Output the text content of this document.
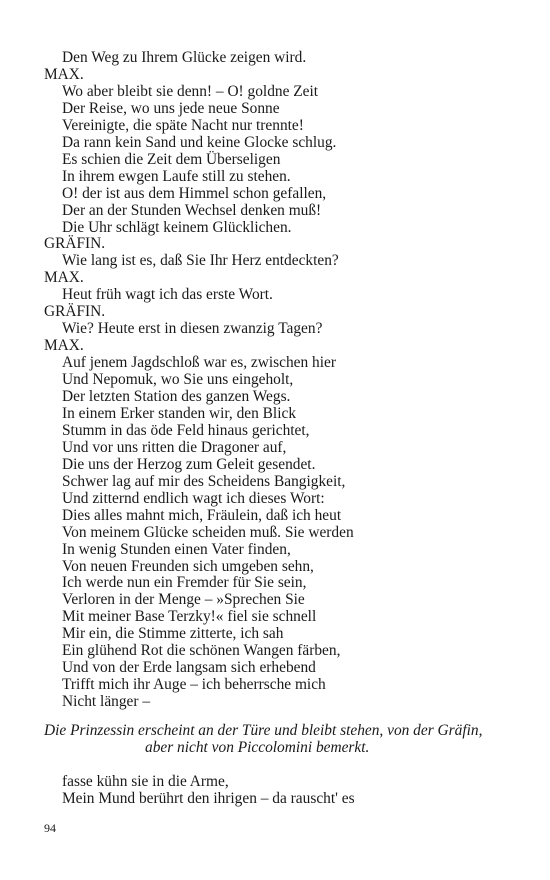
Den Weg zu Ihrem Glücke zeigen wird.
MAX.
Wo aber bleibt sie denn! – O! goldne Zeit
Der Reise, wo uns jede neue Sonne
Vereinigte, die späte Nacht nur trennte!
Da rann kein Sand und keine Glocke schlug.
Es schien die Zeit dem Überseligen
In ihrem ewgen Laufe still zu stehen.
O! der ist aus dem Himmel schon gefallen,
Der an der Stunden Wechsel denken muß!
Die Uhr schlägt keinem Glücklichen.
GRÄFIN.
Wie lang ist es, daß Sie Ihr Herz entdeckten?
MAX.
Heut früh wagt ich das erste Wort.
GRÄFIN.
Wie? Heute erst in diesen zwanzig Tagen?
MAX.
Auf jenem Jagdschloß war es, zwischen hier
Und Nepomuk, wo Sie uns eingeholt,
Der letzten Station des ganzen Wegs.
In einem Erker standen wir, den Blick
Stumm in das öde Feld hinaus gerichtet,
Und vor uns ritten die Dragoner auf,
Die uns der Herzog zum Geleit gesendet.
Schwer lag auf mir des Scheidens Bangigkeit,
Und zitternd endlich wagt ich dieses Wort:
Dies alles mahnt mich, Fräulein, daß ich heut
Von meinem Glücke scheiden muß. Sie werden
In wenig Stunden einen Vater finden,
Von neuen Freunden sich umgeben sehn,
Ich werde nun ein Fremder für Sie sein,
Verloren in der Menge – »Sprechen Sie
Mit meiner Base Terzky!« fiel sie schnell
Mir ein, die Stimme zitterte, ich sah
Ein glühend Rot die schönen Wangen färben,
Und von der Erde langsam sich erhebend
Trifft mich ihr Auge – ich beherrsche mich
Nicht länger –
Die Prinzessin erscheint an der Türe und bleibt stehen, von der Gräfin,
aber nicht von Piccolomini bemerkt.
fasse kühn sie in die Arme,
Mein Mund berührt den ihrigen – da rauscht' es
94
